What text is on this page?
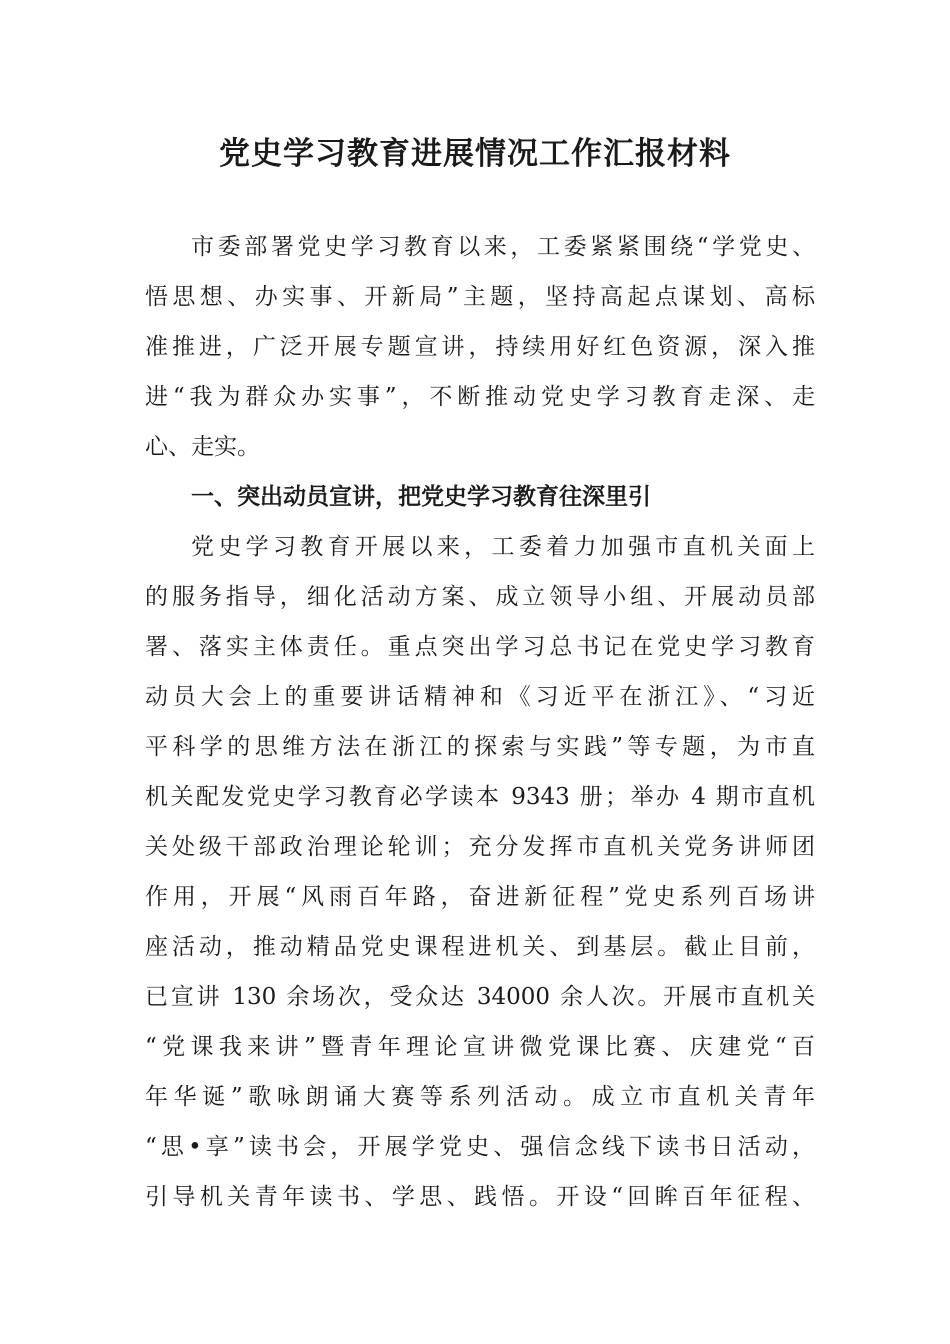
党史学习教育进展情况工作汇报材料
市委部署党史学习教育以来，工委紧紧围绕“学党史、
悟思想、办实事、开新局”主题，坚持高起点谋划、高标
准推进，广泛开展专题宣讲，持续用好红色资源，深入推
进“我为群众办实事”，不断推动党史学习教育走深、走
心、走实。
一、突出动员宣讲，把党史学习教育往深里引
党史学习教育开展以来，工委着力加强市直机关面上
的服务指导，细化活动方案、成立领导小组、开展动员部
署、落实主体责任。重点突出学习总书记在党史学习教育
动员大会上的重要讲话精神和《习近平在浙江》、“习近
平科学的思维方法在浙江的探索与实践”等专题，为市直
机关配发党史学习教育必学读本 9343 册；举办 4 期市直机
关处级干部政治理论轮训；充分发挥市直机关党务讲师团
作用，开展“风雨百年路，奋进新征程”党史系列百场讲
座活动，推动精品党史课程进机关、到基层。截止目前，
已宣讲 130 余场次，受众达 34000 余人次。开展市直机关
“党课我来讲”暨青年理论宣讲微党课比赛、庆建党“百
年华诞”歌咏朗诵大赛等系列活动。成立市直机关青年
“思•享”读书会，开展学党史、强信念线下读书日活动，
引导机关青年读书、学思、践悟。开设“回眸百年征程、
